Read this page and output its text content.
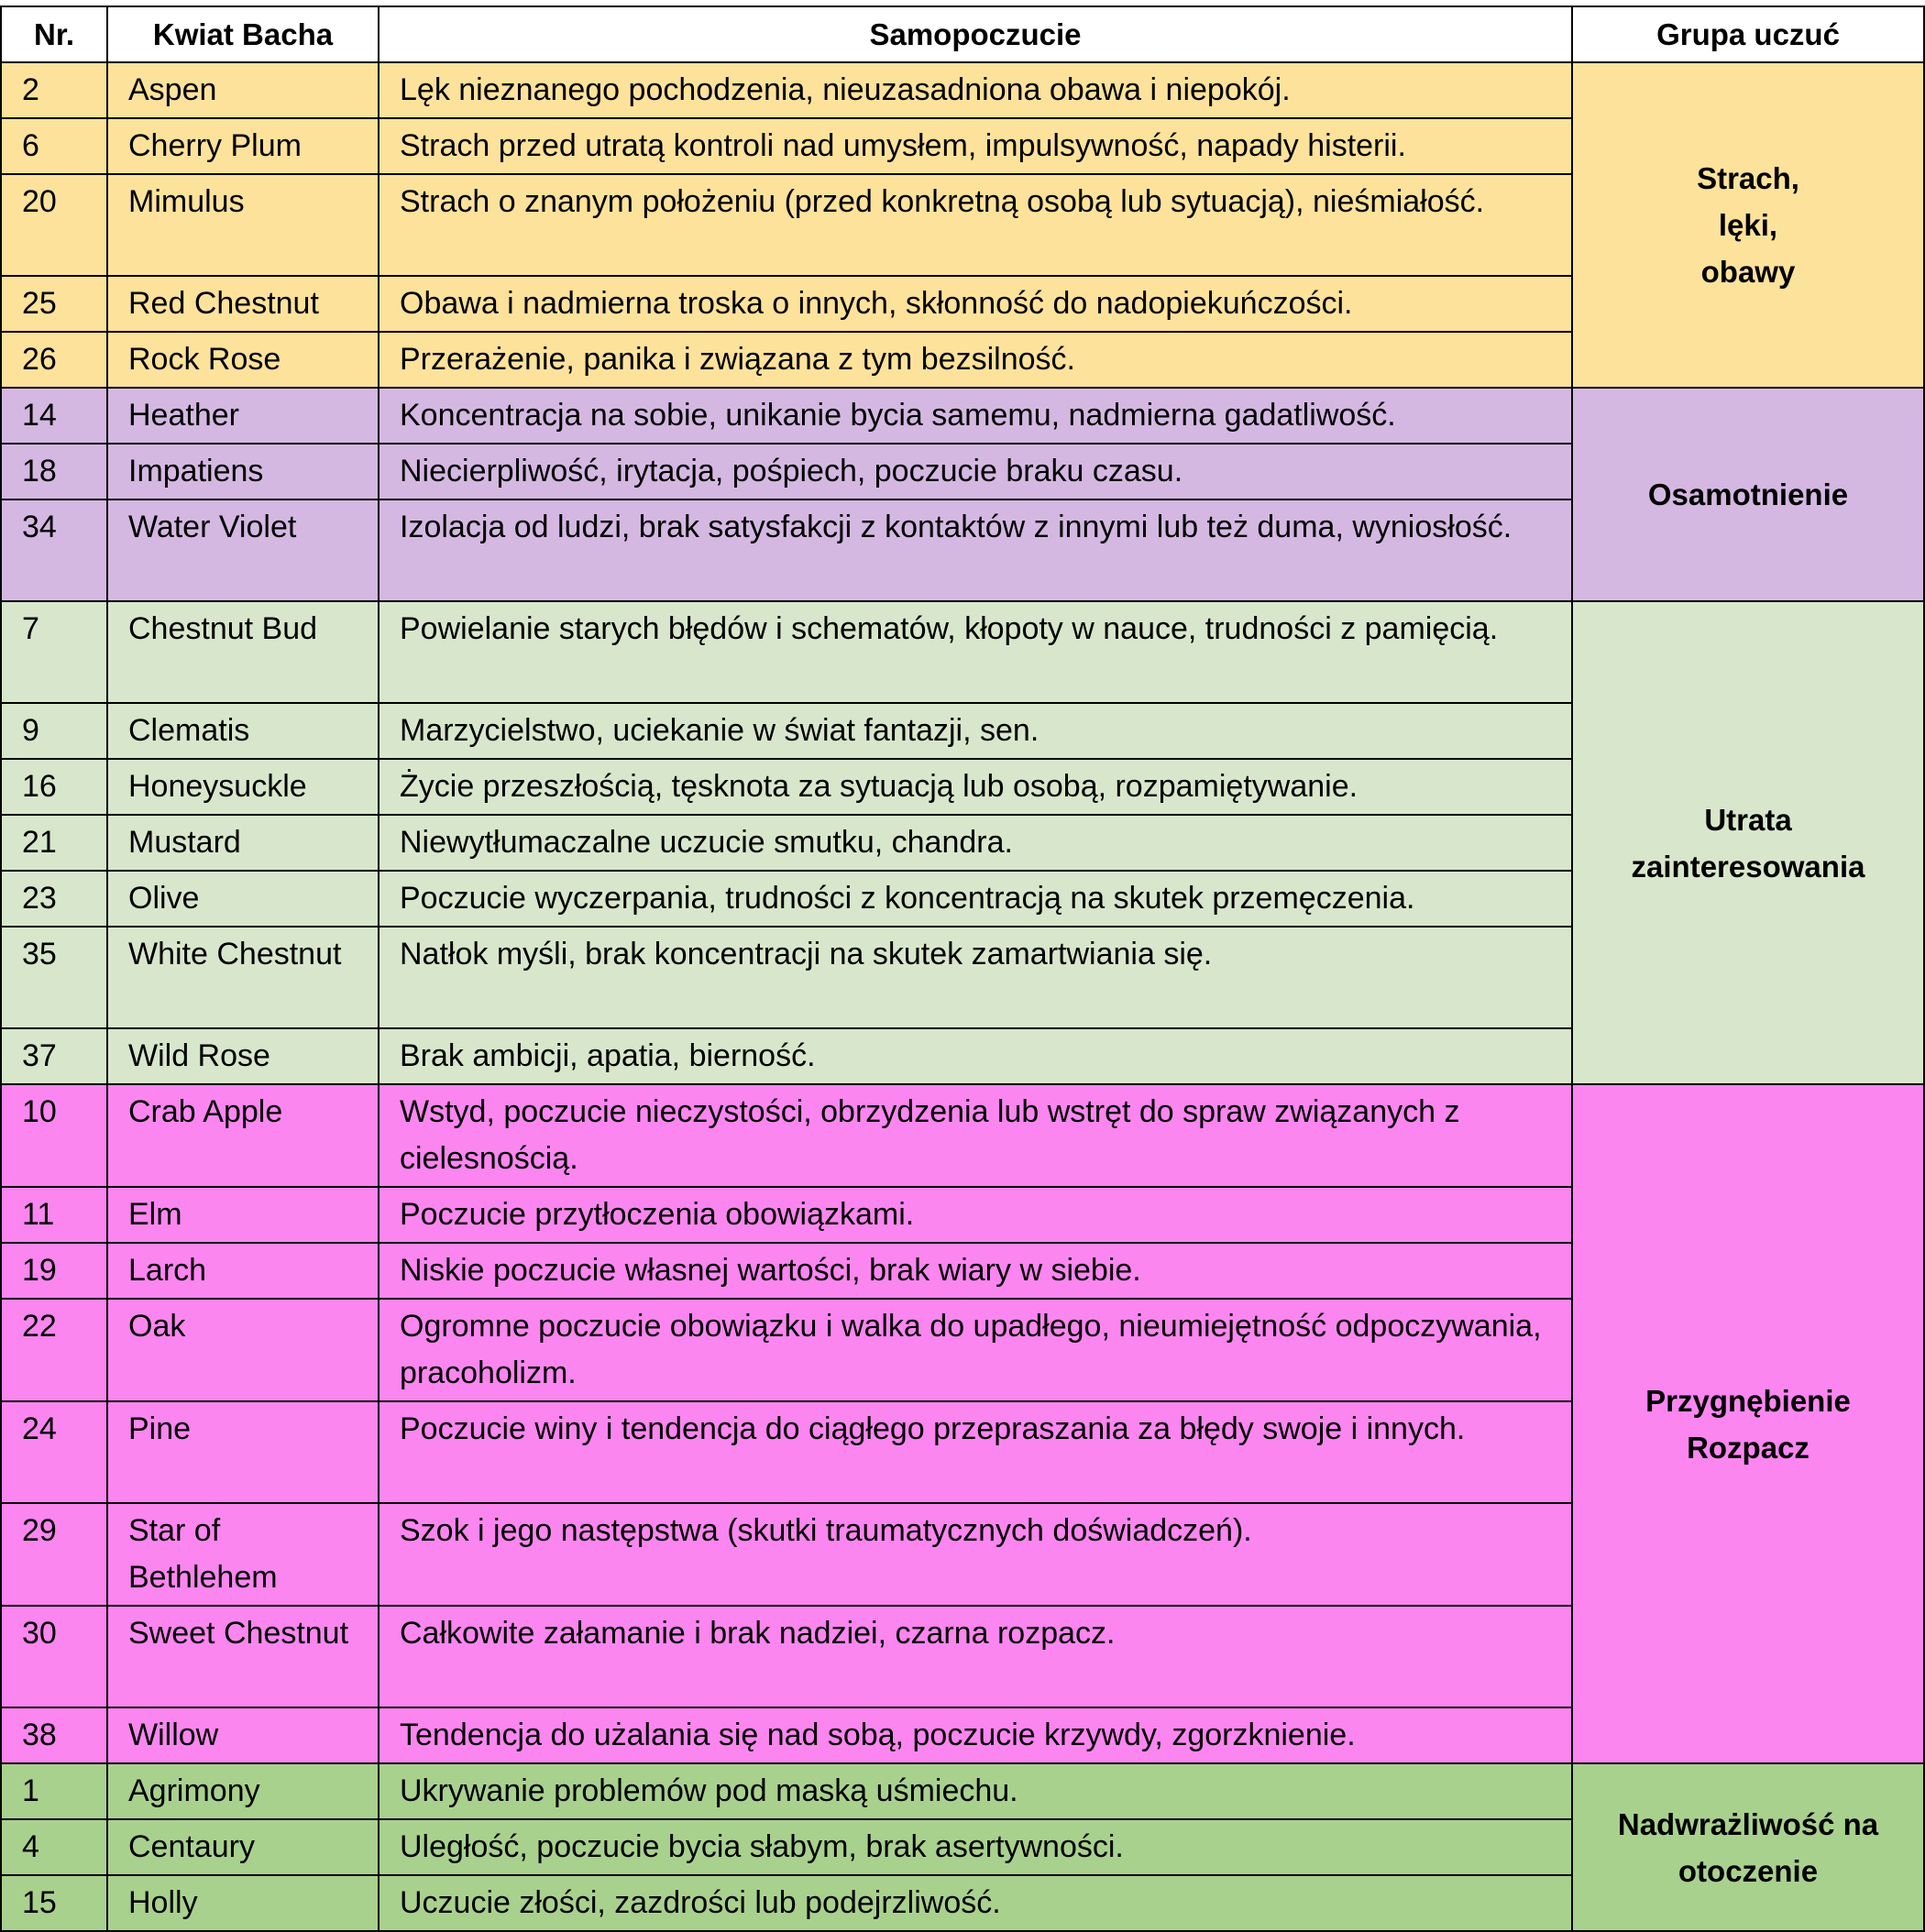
Nr.	Kwiat Bacha	Samopoczucie	Grupa uczuć
2	Aspen	Lęk nieznanego pochodzenia, nieuzasadniona obawa i niepokój.	Strach,
lęki,
obawy

6	Cherry Plum	Strach przed utratą kontroli nad umysłem, impulsywność, napady histerii.	
20	Mimulus	Strach o znanym położeniu (przed konkretną osobą lub sytuacją), nieśmiałość.	
25	Red Chestnut	Obawa i nadmierna troska o innych, skłonność do nadopiekuńczości.	
26	Rock Rose	Przerażenie, panika i związana z tym bezsilność.	
14	Heather	Koncentracja na sobie, unikanie bycia samemu, nadmierna gadatliwość.	Osamotnienie

18	Impatiens	Niecierpliwość, irytacja, pośpiech, poczucie braku czasu.	
34	Water Violet	Izolacja od ludzi, brak satysfakcji z kontaktów z innymi lub też duma, wyniosłość.	
7	Chestnut Bud	Powielanie starych błędów i schematów, kłopoty w nauce, trudności z pamięcią.	Utrata
zainteresowania

9	Clematis	Marzycielstwo, uciekanie w świat fantazji, sen.	
16	Honeysuckle	Życie przeszłością, tęsknota za sytuacją lub osobą, rozpamiętywanie.	
21	Mustard	Niewytłumaczalne uczucie smutku, chandra.	
23	Olive	Poczucie wyczerpania, trudności z koncentracją na skutek przemęczenia.	
35	White Chestnut	Natłok myśli, brak koncentracji na skutek zamartwiania się.	
37	Wild Rose	Brak ambicji, apatia, bierność.	
10	Crab Apple	Wstyd, poczucie nieczystości, obrzydzenia lub wstręt do spraw związanych z cielesnością.	Przygnębienie
Rozpacz

11	Elm	Poczucie przytłoczenia obowiązkami.	
19	Larch	Niskie poczucie własnej wartości, brak wiary w siebie.	
22	Oak	Ogromne poczucie obowiązku i walka do upadłego, nieumiejętność odpoczywania, pracoholizm.	
24	Pine	Poczucie winy i tendencja do ciągłego przepraszania za błędy swoje i innych.	
29	Star of Bethlehem	Szok i jego następstwa (skutki traumatycznych doświadczeń).	
30	Sweet Chestnut	Całkowite załamanie i brak nadziei, czarna rozpacz.	
38	Willow	Tendencja do użalania się nad sobą, poczucie krzywdy, zgorzknienie.	
1	Agrimony	Ukrywanie problemów pod maską uśmiechu.	Nadwrażliwość na
otoczenie

4	Centaury	Uległość, poczucie bycia słabym, brak asertywności.	
15	Holly	Uczucie złości, zazdrości lub podejrzliwość.	
